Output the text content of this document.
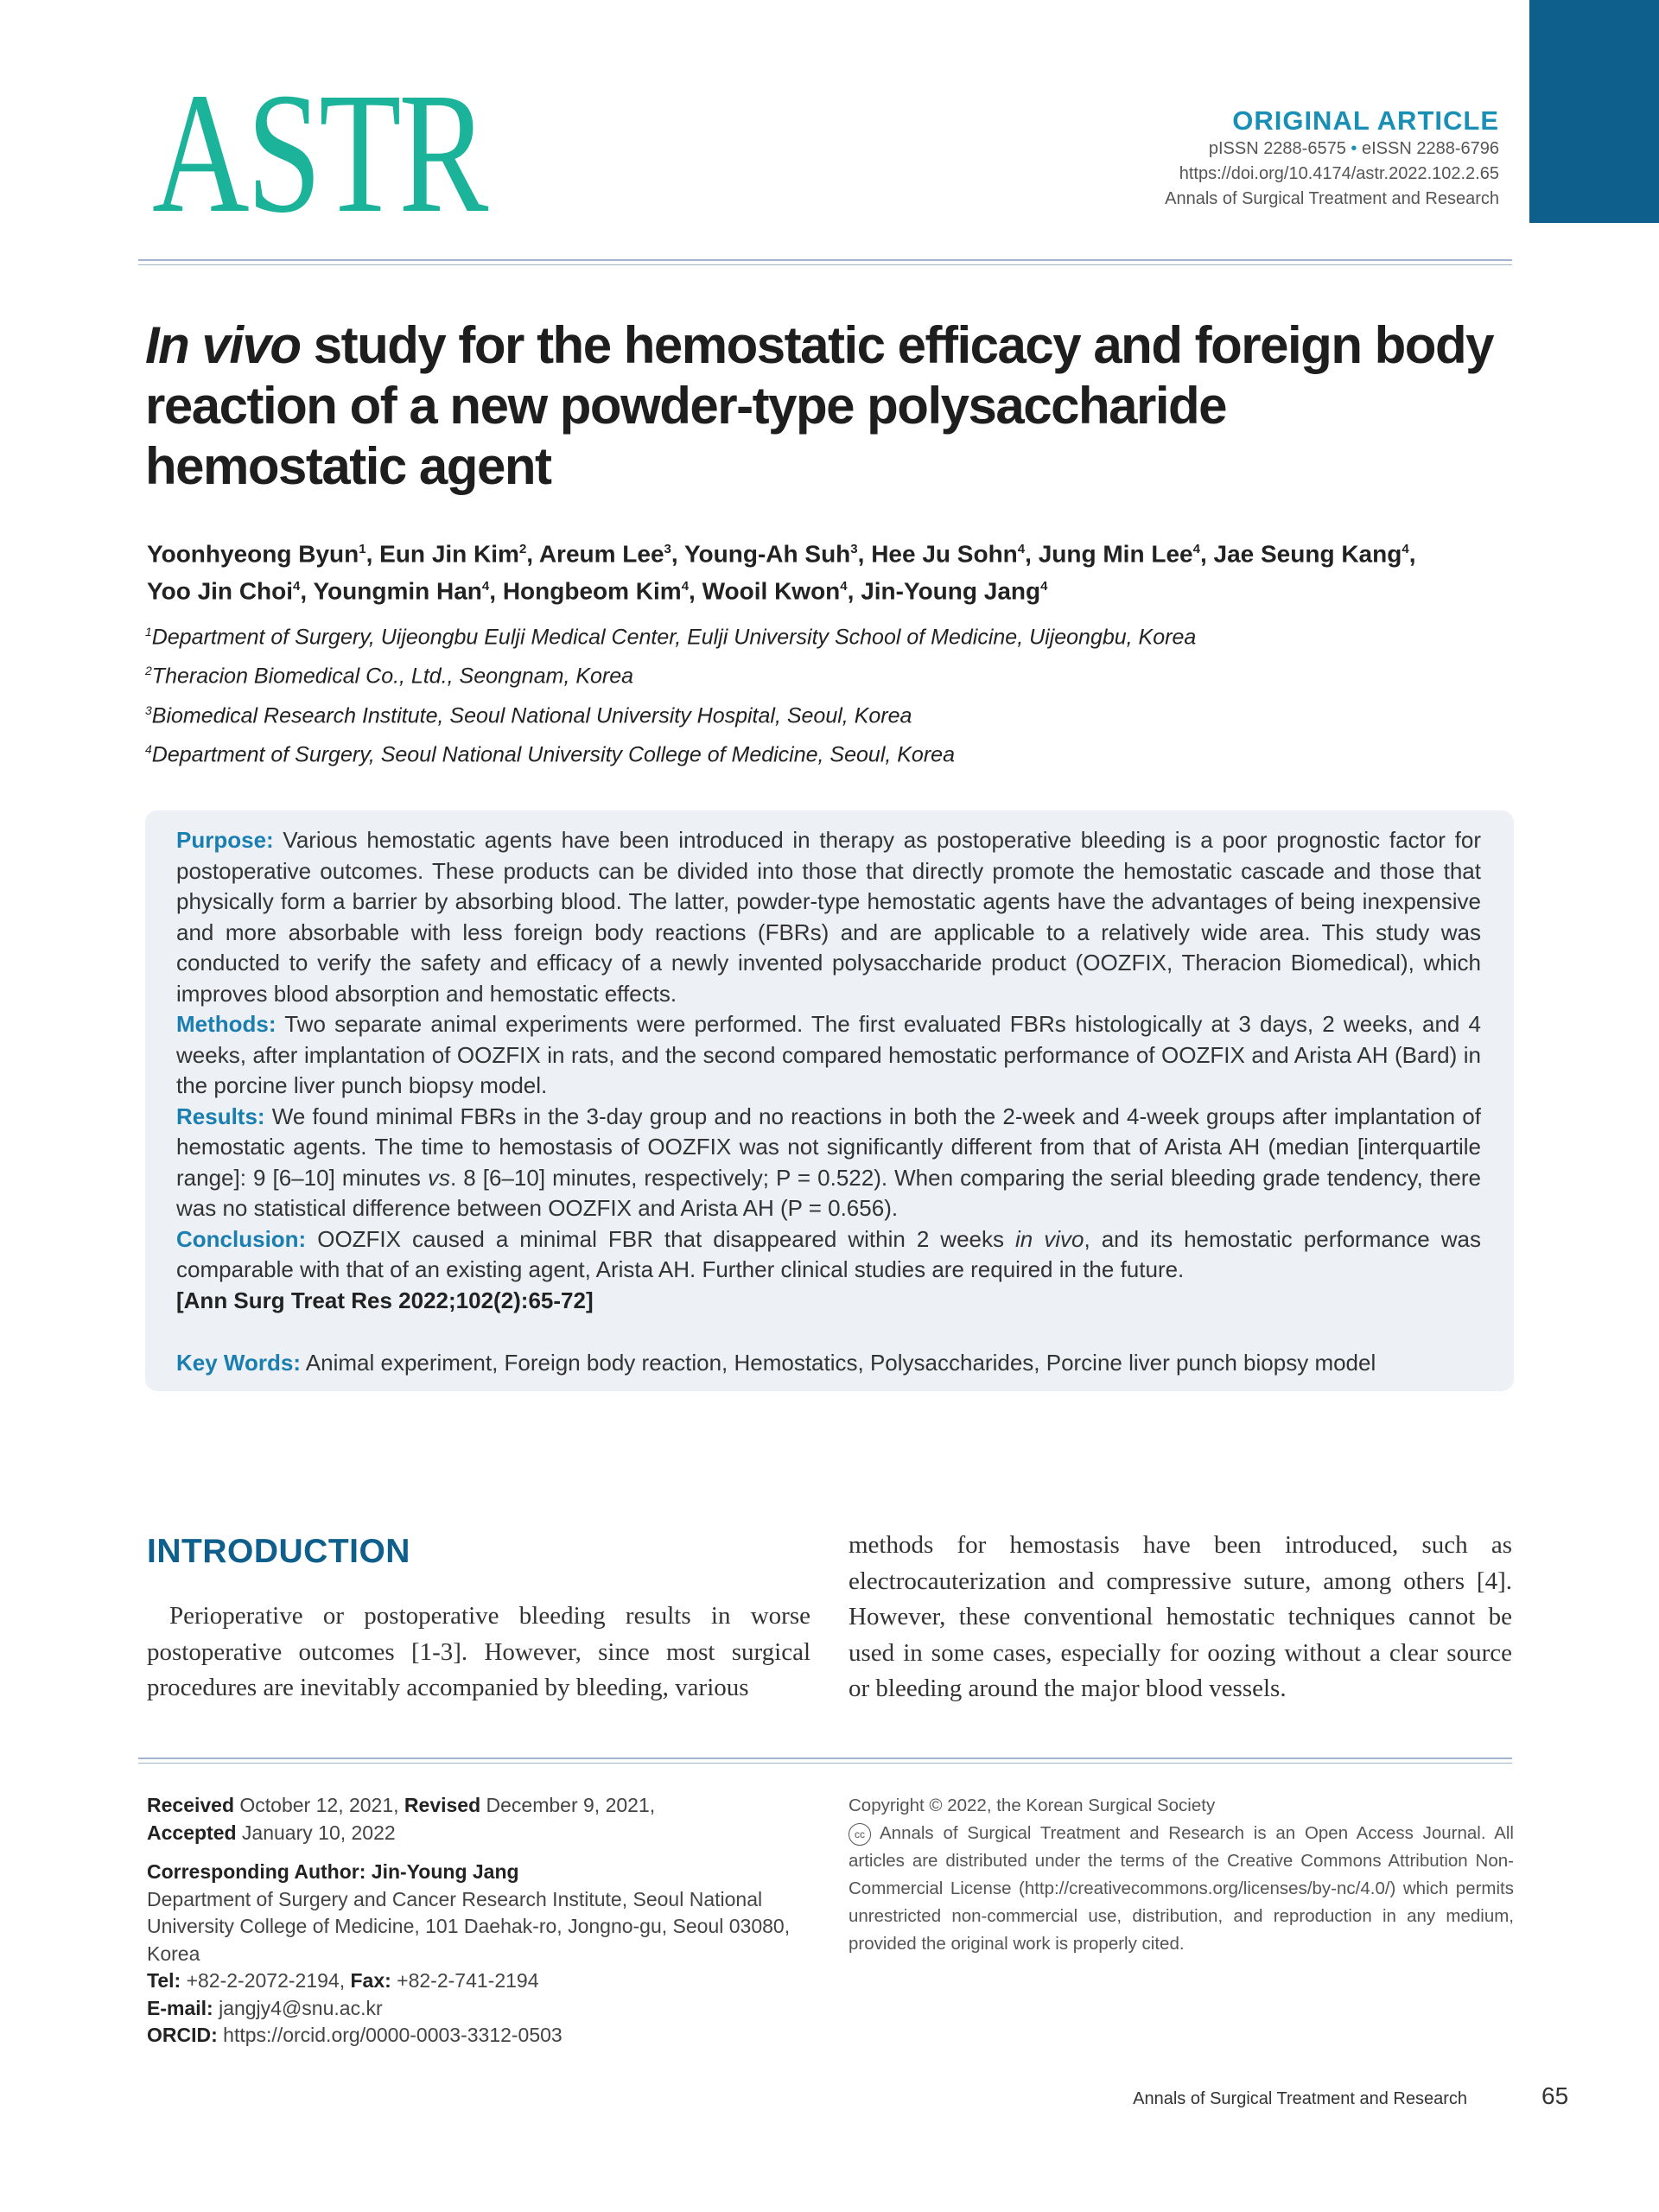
ASTR	ORIGINAL ARTICLE
pISSN 2288-6575 • eISSN 2288-6796
https://doi.org/10.4174/astr.2022.102.2.65
Annals of Surgical Treatment and Research
In vivo study for the hemostatic efficacy and foreign body
reaction of a new powder-type polysaccharide
hemostatic agent
Yoonhyeong Byun$^1$, Eun Jin Kim$^2$, Areum Lee$^3$, Young-Ah Suh$^3$, Hee Ju Sohn$^4$, Jung Min Lee$^4$, Jae Seung Kang$^4$,
Yoo Jin Choi$^4$, Youngmin Han$^4$, Hongbeom Kim$^4$, Wooil Kwon$^4$, Jin-Young Jang$^4$
$^1$Department of Surgery, Uijeongbu Eulji Medical Center, Eulji University School of Medicine, Uijeongbu, Korea
$^2$Theracion Biomedical Co., Ltd., Seongnam, Korea
$^3$Biomedical Research Institute, Seoul National University Hospital, Seoul, Korea
$^4$Department of Surgery, Seoul National University College of Medicine, Seoul, Korea
Purpose: Various hemostatic agents have been introduced in therapy as postoperative bleeding is a poor prognostic factor for postoperative outcomes. These products can be divided into those that directly promote the hemostatic cascade and those that physically form a barrier by absorbing blood. The latter, powder-type hemostatic agents have the advantages of being inexpensive and more absorbable with less foreign body reactions (FBRs) and are applicable to a relatively wide area. This study was conducted to verify the safety and efficacy of a newly invented polysaccharide product (OOZFIX, Theracion Biomedical), which improves blood absorption and hemostatic effects.
Methods: Two separate animal experiments were performed. The first evaluated FBRs histologically at 3 days, 2 weeks, and 4 weeks, after implantation of OOZFIX in rats, and the second compared hemostatic performance of OOZFIX and Arista AH (Bard) in the porcine liver punch biopsy model.
Results: We found minimal FBRs in the 3-day group and no reactions in both the 2-week and 4-week groups after implantation of hemostatic agents. The time to hemostasis of OOZFIX was not significantly different from that of Arista AH (median [interquartile range]: 9 [6–10] minutes vs. 8 [6–10] minutes, respectively; P = 0.522). When comparing the serial bleeding grade tendency, there was no statistical difference between OOZFIX and Arista AH (P = 0.656).
Conclusion: OOZFIX caused a minimal FBR that disappeared within 2 weeks in vivo, and its hemostatic performance was comparable with that of an existing agent, Arista AH. Further clinical studies are required in the future.
[Ann Surg Treat Res 2022;102(2):65-72]
Key Words: Animal experiment, Foreign body reaction, Hemostatics, Polysaccharides, Porcine liver punch biopsy model
INTRODUCTION
Perioperative or postoperative bleeding results in worse postoperative outcomes [1-3]. However, since most surgical procedures are inevitably accompanied by bleeding, various
methods for hemostasis have been introduced, such as electrocauterization and compressive suture, among others [4]. However, these conventional hemostatic techniques cannot be used in some cases, especially for oozing without a clear source or bleeding around the major blood vessels.
Received October 12, 2021, Revised December 9, 2021,
Accepted January 10, 2022
Corresponding Author: Jin-Young Jang
Department of Surgery and Cancer Research Institute, Seoul National University College of Medicine, 101 Daehak-ro, Jongno-gu, Seoul 03080, Korea
Tel: +82-2-2072-2194, Fax: +82-2-741-2194
E-mail: jangjy4@snu.ac.kr
ORCID: https://orcid.org/0000-0003-3312-0503
Copyright © 2022, the Korean Surgical Society
cc Annals of Surgical Treatment and Research is an Open Access Journal. All articles are distributed under the terms of the Creative Commons Attribution Non-Commercial License (http://creativecommons.org/licenses/by-nc/4.0/) which permits unrestricted non-commercial use, distribution, and reproduction in any medium, provided the original work is properly cited.
Annals of Surgical Treatment and Research	65
